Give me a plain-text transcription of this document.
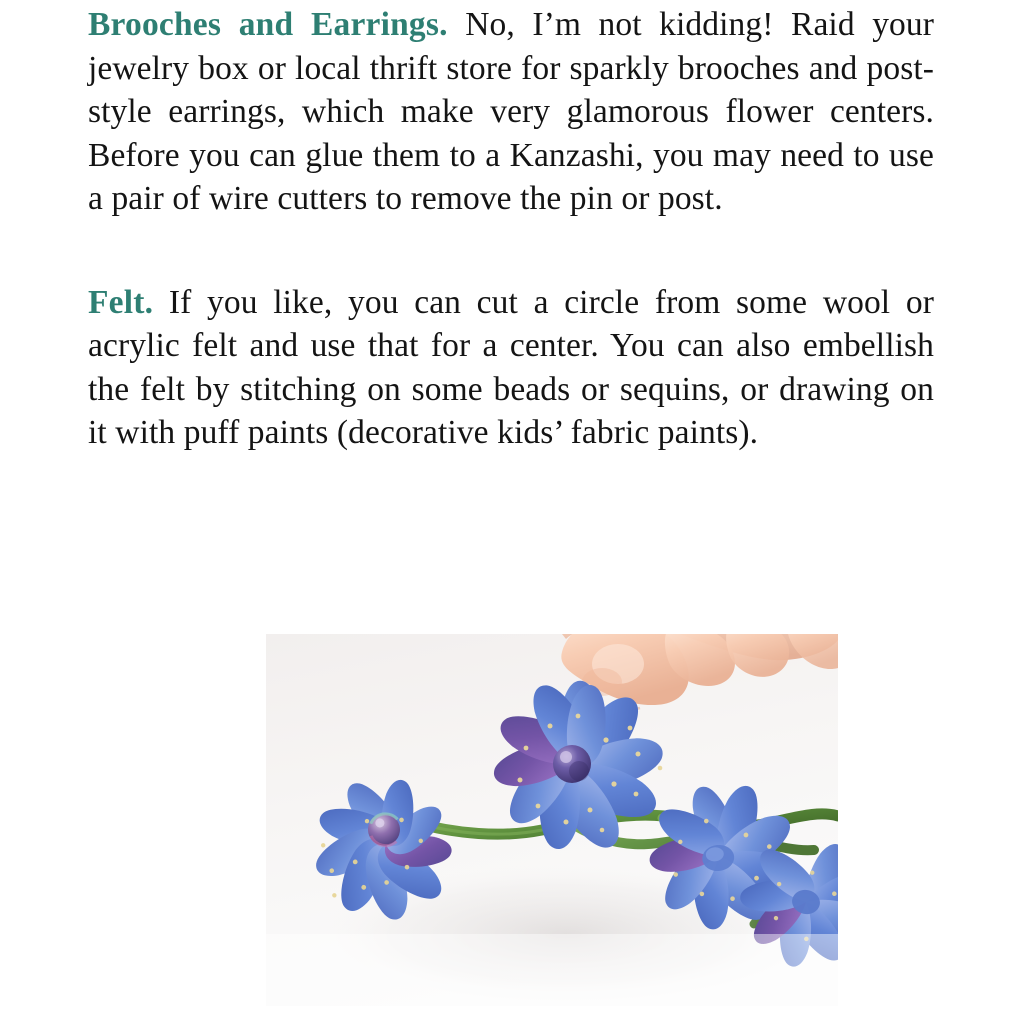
Brooches and Earrings. No, I’m not kidding! Raid your jewelry box or local thrift store for sparkly brooches and post-style earrings, which make very glamorous flower centers. Before you can glue them to a Kanzashi, you may need to use a pair of wire cutters to remove the pin or post.

Felt. If you like, you can cut a circle from some wool or acrylic felt and use that for a center. You can also embellish the felt by stitching on some beads or sequins, or drawing on it with puff paints (decorative kids’ fabric paints).
